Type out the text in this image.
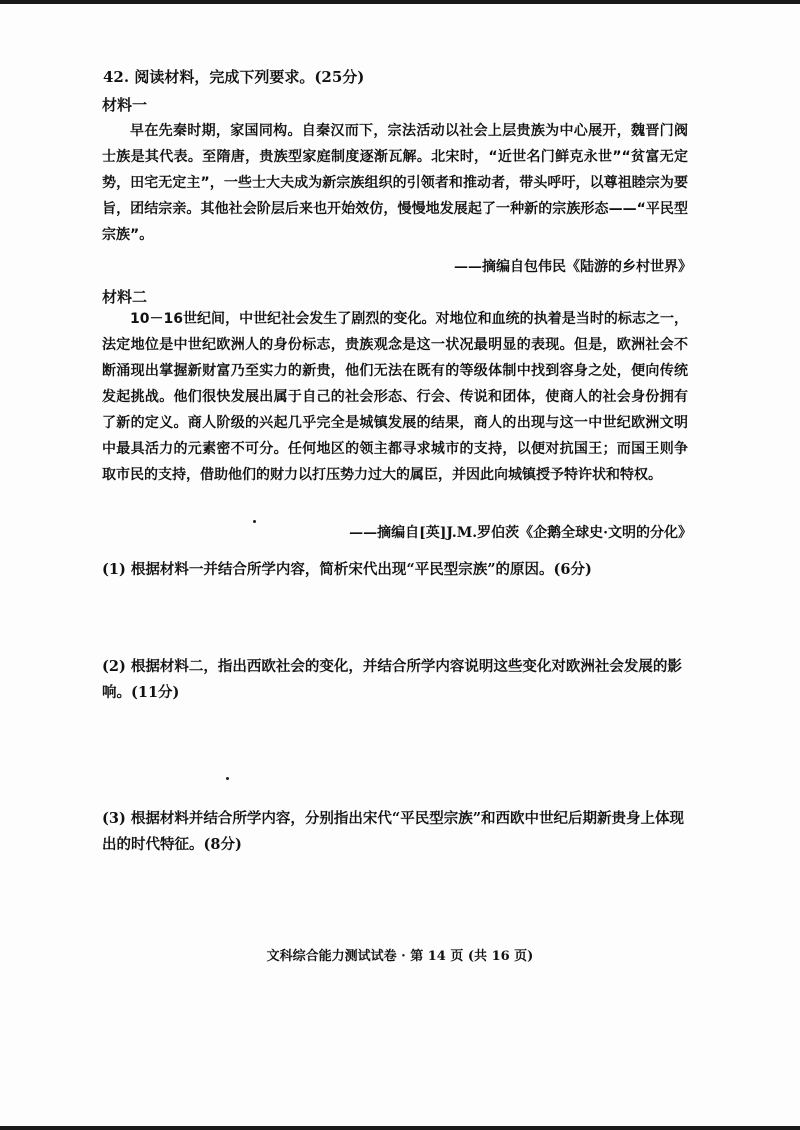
42. 阅读材料，完成下列要求。(25分)
材料一
早在先秦时期，家国同构。自秦汉而下，宗法活动以社会上层贵族为中心展开，魏晋门阀士族是其代表。至隋唐，贵族型家庭制度逐渐瓦解。北宋时，“近世名门鲜克永世”“贫富无定势，田宅无定主”，一些士大夫成为新宗族组织的引领者和推动者，带头呼吁，以尊祖睦宗为要旨，团结宗亲。其他社会阶层后来也开始效仿，慢慢地发展起了一种新的宗族形态——“平民型宗族”。
——摘编自包伟民《陆游的乡村世界》
材料二
10－16世纪间，中世纪社会发生了剧烈的变化。对地位和血统的执着是当时的标志之一，法定地位是中世纪欧洲人的身份标志，贵族观念是这一状况最明显的表现。但是，欧洲社会不断涌现出掌握新财富乃至实力的新贵，他们无法在既有的等级体制中找到容身之处，便向传统发起挑战。他们很快发展出属于自己的社会形态、行会、传说和团体，使商人的社会身份拥有了新的定义。商人阶级的兴起几乎完全是城镇发展的结果，商人的出现与这一中世纪欧洲文明中最具活力的元素密不可分。任何地区的领主都寻求城市的支持，以便对抗国王；而国王则争取市民的支持，借助他们的财力以打压势力过大的属臣，并因此向城镇授予特许状和特权。
——摘编自[英]J.M.罗伯茨《企鹅全球史·文明的分化》
(1) 根据材料一并结合所学内容，简析宋代出现“平民型宗族”的原因。(6分)
(2) 根据材料二，指出西欧社会的变化，并结合所学内容说明这些变化对欧洲社会发展的影响。(11分)
(3) 根据材料并结合所学内容，分别指出宋代“平民型宗族”和西欧中世纪后期新贵身上体现出的时代特征。(8分)
文科综合能力测试试卷 · 第 14 页 (共 16 页)
